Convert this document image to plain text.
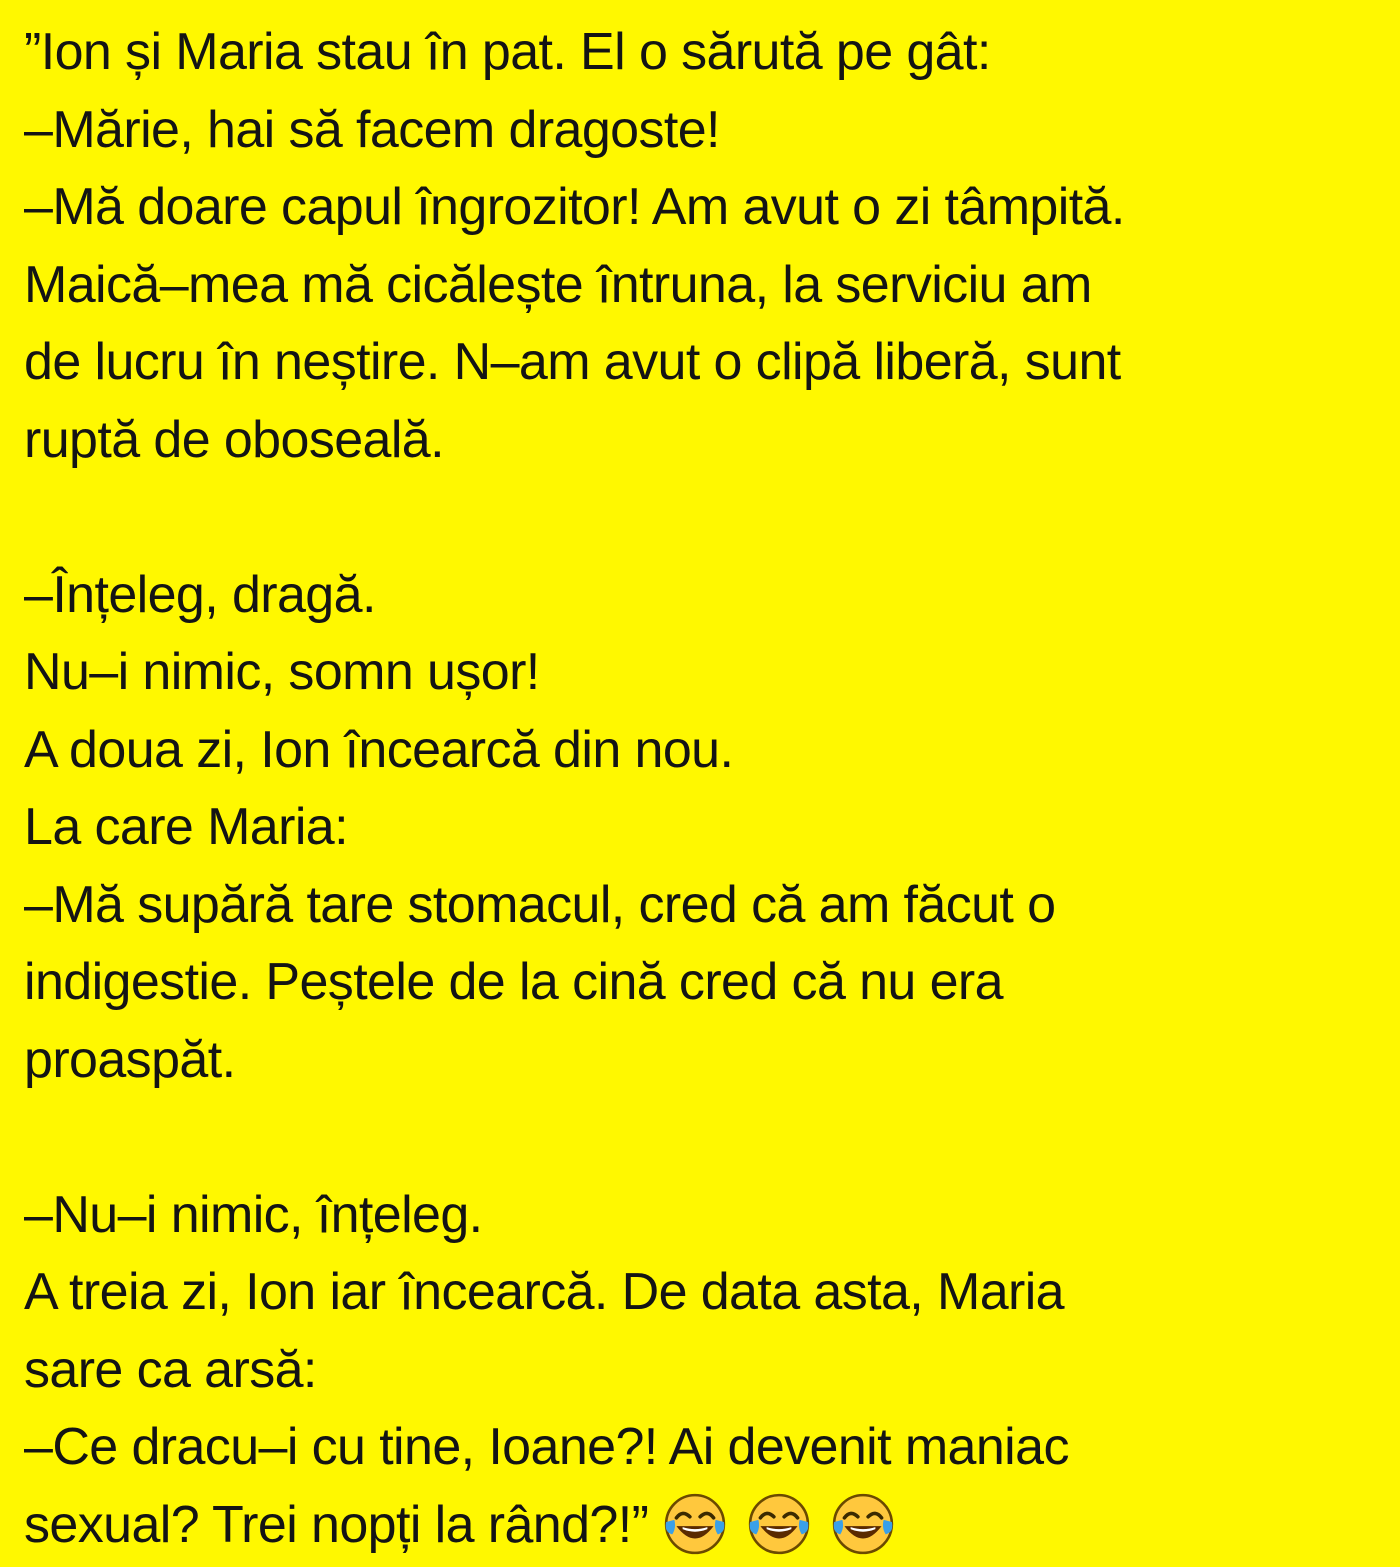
”Ion și Maria stau în pat. El o sărută pe gât:
–Mărie, hai să facem dragoste!
–Mă doare capul îngrozitor! Am avut o zi tâmpită.
Maică–mea mă cicălește întruna, la serviciu am
de lucru în neștire. N–am avut o clipă liberă, sunt
ruptă de oboseală.
–Înțeleg, dragă.
Nu–i nimic, somn ușor!
A doua zi, Ion încearcă din nou.
La care Maria:
–Mă supără tare stomacul, cred că am făcut o
indigestie. Peștele de la cină cred că nu era
proaspăt.
–Nu–i nimic, înțeleg.
A treia zi, Ion iar încearcă. De data asta, Maria
sare ca arsă:
–Ce dracu–i cu tine, Ioane?! Ai devenit maniac
sexual? Trei nopți la rând?!”
